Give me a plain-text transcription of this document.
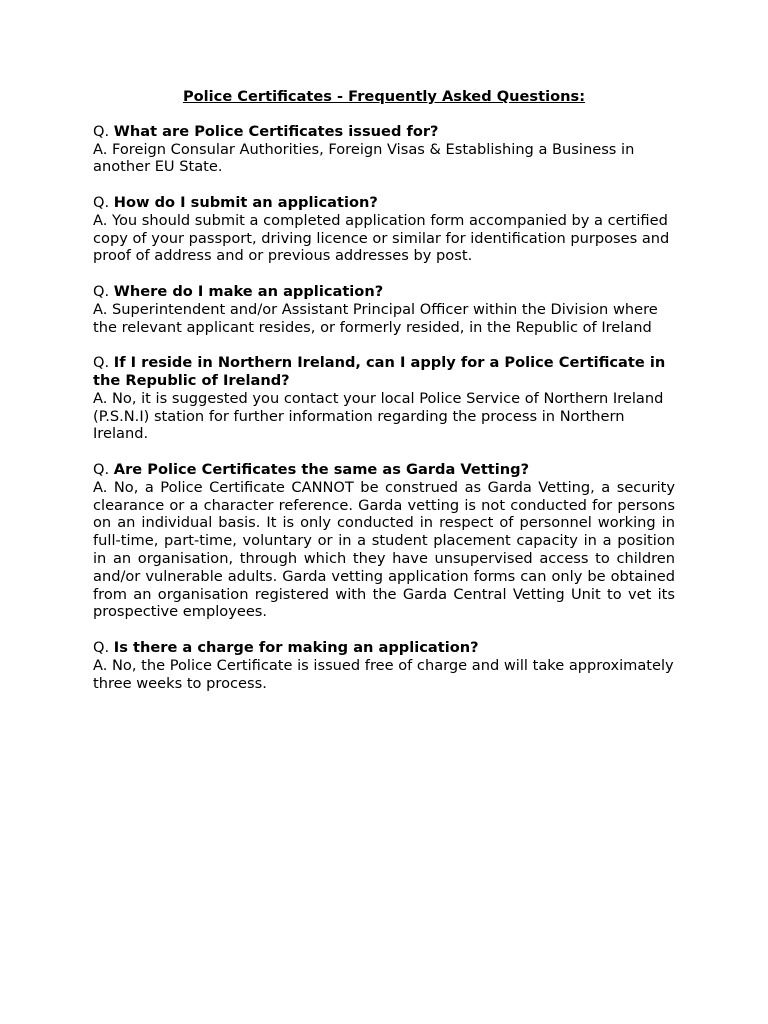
Police Certificates - Frequently Asked Questions:

Q. What are Police Certificates issued for?

A. Foreign Consular Authorities, Foreign Visas & Establishing a Business in another EU State.

Q. How do I submit an application?

A. You should submit a completed application form accompanied by a certified copy of your passport, driving licence or similar for identification purposes and proof of address and or previous addresses by post.

Q. Where do I make an application?

A. Superintendent and/or Assistant Principal Officer within the Division where the relevant applicant resides, or formerly resided, in the Republic of Ireland

Q. If I reside in Northern Ireland, can I apply for a Police Certificate in the Republic of Ireland?

A. No, it is suggested you contact your local Police Service of Northern Ireland (P.S.N.I) station for further information regarding the process in Northern Ireland.

Q. Are Police Certificates the same as Garda Vetting?

A. No, a Police Certificate CANNOT be construed as Garda Vetting, a security clearance or a character reference. Garda vetting is not conducted for persons on an individual basis. It is only conducted in respect of personnel working in full-time, part-time, voluntary or in a student placement capacity in a position in an organisation, through which they have unsupervised access to children and/or vulnerable adults. Garda vetting application forms can only be obtained from an organisation registered with the Garda Central Vetting Unit to vet its prospective employees.

Q. Is there a charge for making an application?

A. No, the Police Certificate is issued free of charge and will take approximately three weeks to process.
